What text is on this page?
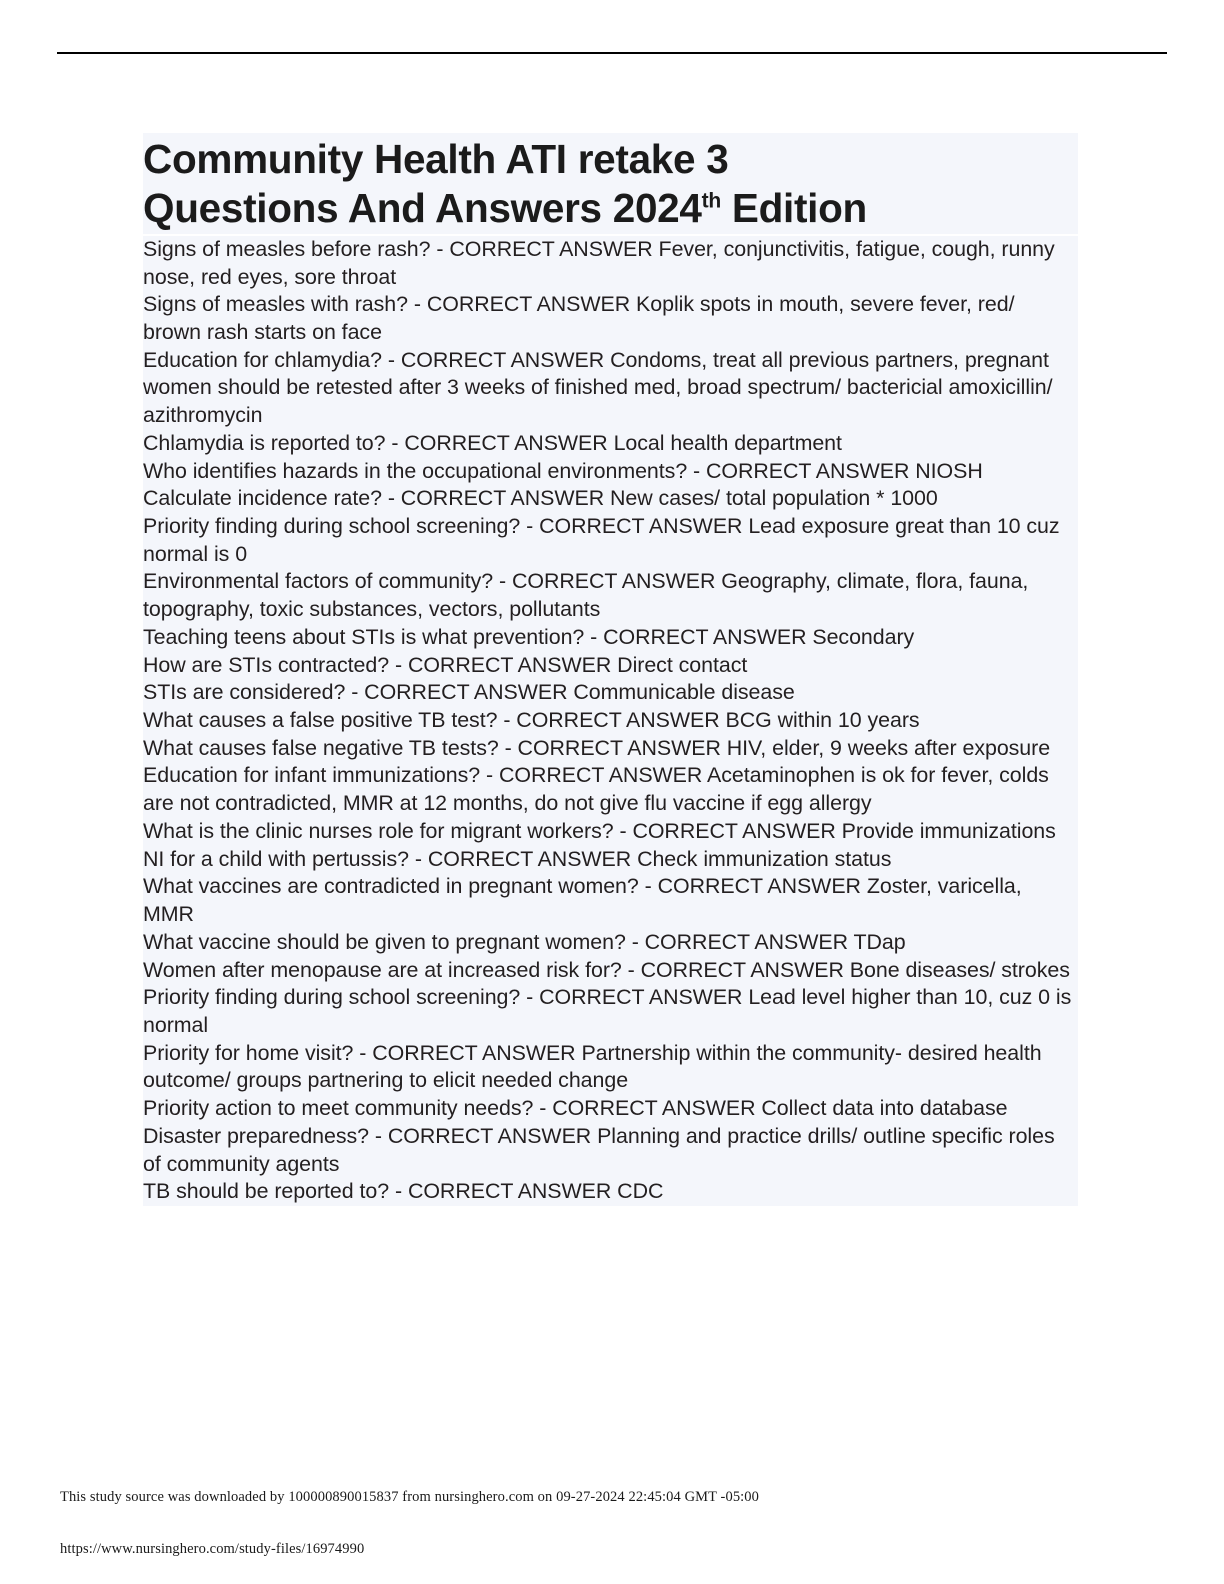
Community Health ATI retake 3
Questions And Answers 2024th Edition

Signs of measles before rash? - CORRECT ANSWER Fever, conjunctivitis, fatigue, cough, runny nose, red eyes, sore throat

Signs of measles with rash? - CORRECT ANSWER Koplik spots in mouth, severe fever, red/ brown rash starts on face

Education for chlamydia? - CORRECT ANSWER Condoms, treat all previous partners, pregnant women should be retested after 3 weeks of finished med, broad spectrum/ bactericial amoxicillin/ azithromycin

Chlamydia is reported to? - CORRECT ANSWER Local health department

Who identifies hazards in the occupational environments? - CORRECT ANSWER NIOSH

Calculate incidence rate? - CORRECT ANSWER New cases/ total population * 1000

Priority finding during school screening? - CORRECT ANSWER Lead exposure great than 10 cuz normal is 0

Environmental factors of community? - CORRECT ANSWER Geography, climate, flora, fauna, topography, toxic substances, vectors, pollutants

Teaching teens about STIs is what prevention? - CORRECT ANSWER Secondary

How are STIs contracted? - CORRECT ANSWER Direct contact

STIs are considered? - CORRECT ANSWER Communicable disease

What causes a false positive TB test? - CORRECT ANSWER BCG within 10 years

What causes false negative TB tests? - CORRECT ANSWER HIV, elder, 9 weeks after exposure

Education for infant immunizations? - CORRECT ANSWER Acetaminophen is ok for fever, colds are not contradicted, MMR at 12 months, do not give flu vaccine if egg allergy

What is the clinic nurses role for migrant workers? - CORRECT ANSWER Provide immunizations

NI for a child with pertussis? - CORRECT ANSWER Check immunization status

What vaccines are contradicted in pregnant women? - CORRECT ANSWER Zoster, varicella, MMR

What vaccine should be given to pregnant women? - CORRECT ANSWER TDap

Women after menopause are at increased risk for? - CORRECT ANSWER Bone diseases/ strokes

Priority finding during school screening? - CORRECT ANSWER Lead level higher than 10, cuz 0 is normal

Priority for home visit? - CORRECT ANSWER Partnership within the community- desired health outcome/ groups partnering to elicit needed change

Priority action to meet community needs? - CORRECT ANSWER Collect data into database

Disaster preparedness? - CORRECT ANSWER Planning and practice drills/ outline specific roles of community agents

TB should be reported to? - CORRECT ANSWER CDC

This study source was downloaded by 100000890015837 from nursinghero.com on 09-27-2024 22:45:04 GMT -05:00
https://www.nursinghero.com/study-files/16974990
